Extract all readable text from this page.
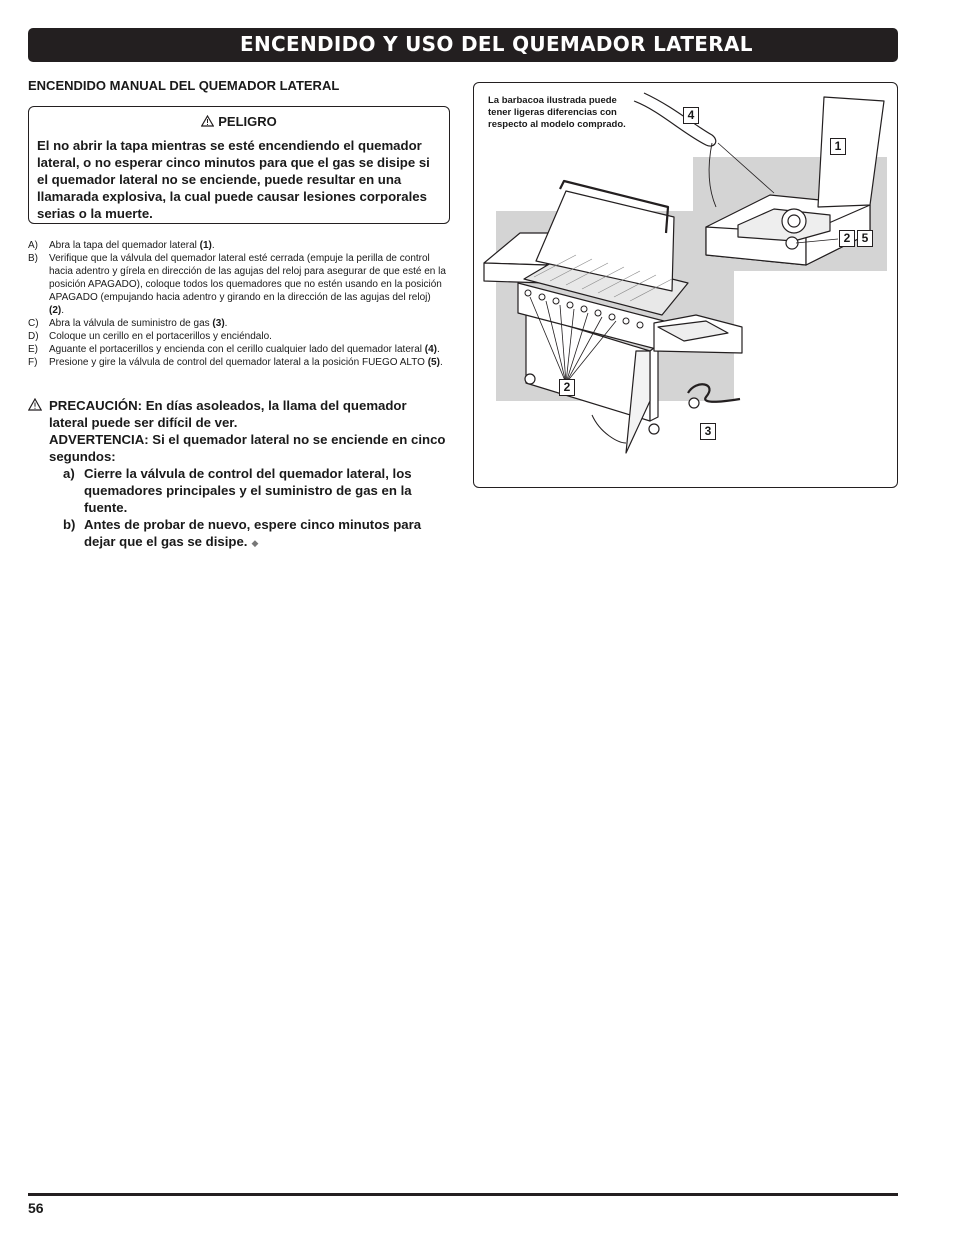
ENCENDIDO Y USO DEL QUEMADOR LATERAL
ENCENDIDO MANUAL DEL QUEMADOR LATERAL
PELIGRO
El no abrir la tapa mientras se esté encendiendo el quemador lateral, o no esperar cinco minutos para que el gas se disipe si el quemador lateral no se enciende, puede resultar en una llamarada explosiva, la cual puede causar lesiones corporales serias o la muerte.
A) Abra la tapa del quemador lateral (1).
B) Verifique que la válvula del quemador lateral esté cerrada (empuje la perilla de control hacia adentro y gírela en dirección de las agujas del reloj para asegurar de que esté en la posición APAGADO), coloque todos los quemadores que no estén usando en la posición APAGADO (empujando hacia adentro y girando en la dirección de las agujas del reloj) (2).
C) Abra la válvula de suministro de gas (3).
D) Coloque un cerillo en el portacerillos y enciéndalo.
E) Aguante el portacerillos y encienda con el cerillo cualquier lado del quemador lateral (4).
F) Presione y gire la válvula de control del quemador lateral a la posición FUEGO ALTO (5).
PRECAUCIÓN: En días asoleados, la llama del quemador lateral puede ser difícil de ver.
ADVERTENCIA: Si el quemador lateral no se enciende en cinco segundos:
a) Cierre la válvula de control del quemador lateral, los quemadores principales y el suministro de gas en la fuente.
b) Antes de probar de nuevo, espere cinco minutos para dejar que el gas se disipe. ◆
La barbacoa ilustrada puede tener ligeras diferencias con respecto al modelo comprado.
4
1
2 5
2
3
56
